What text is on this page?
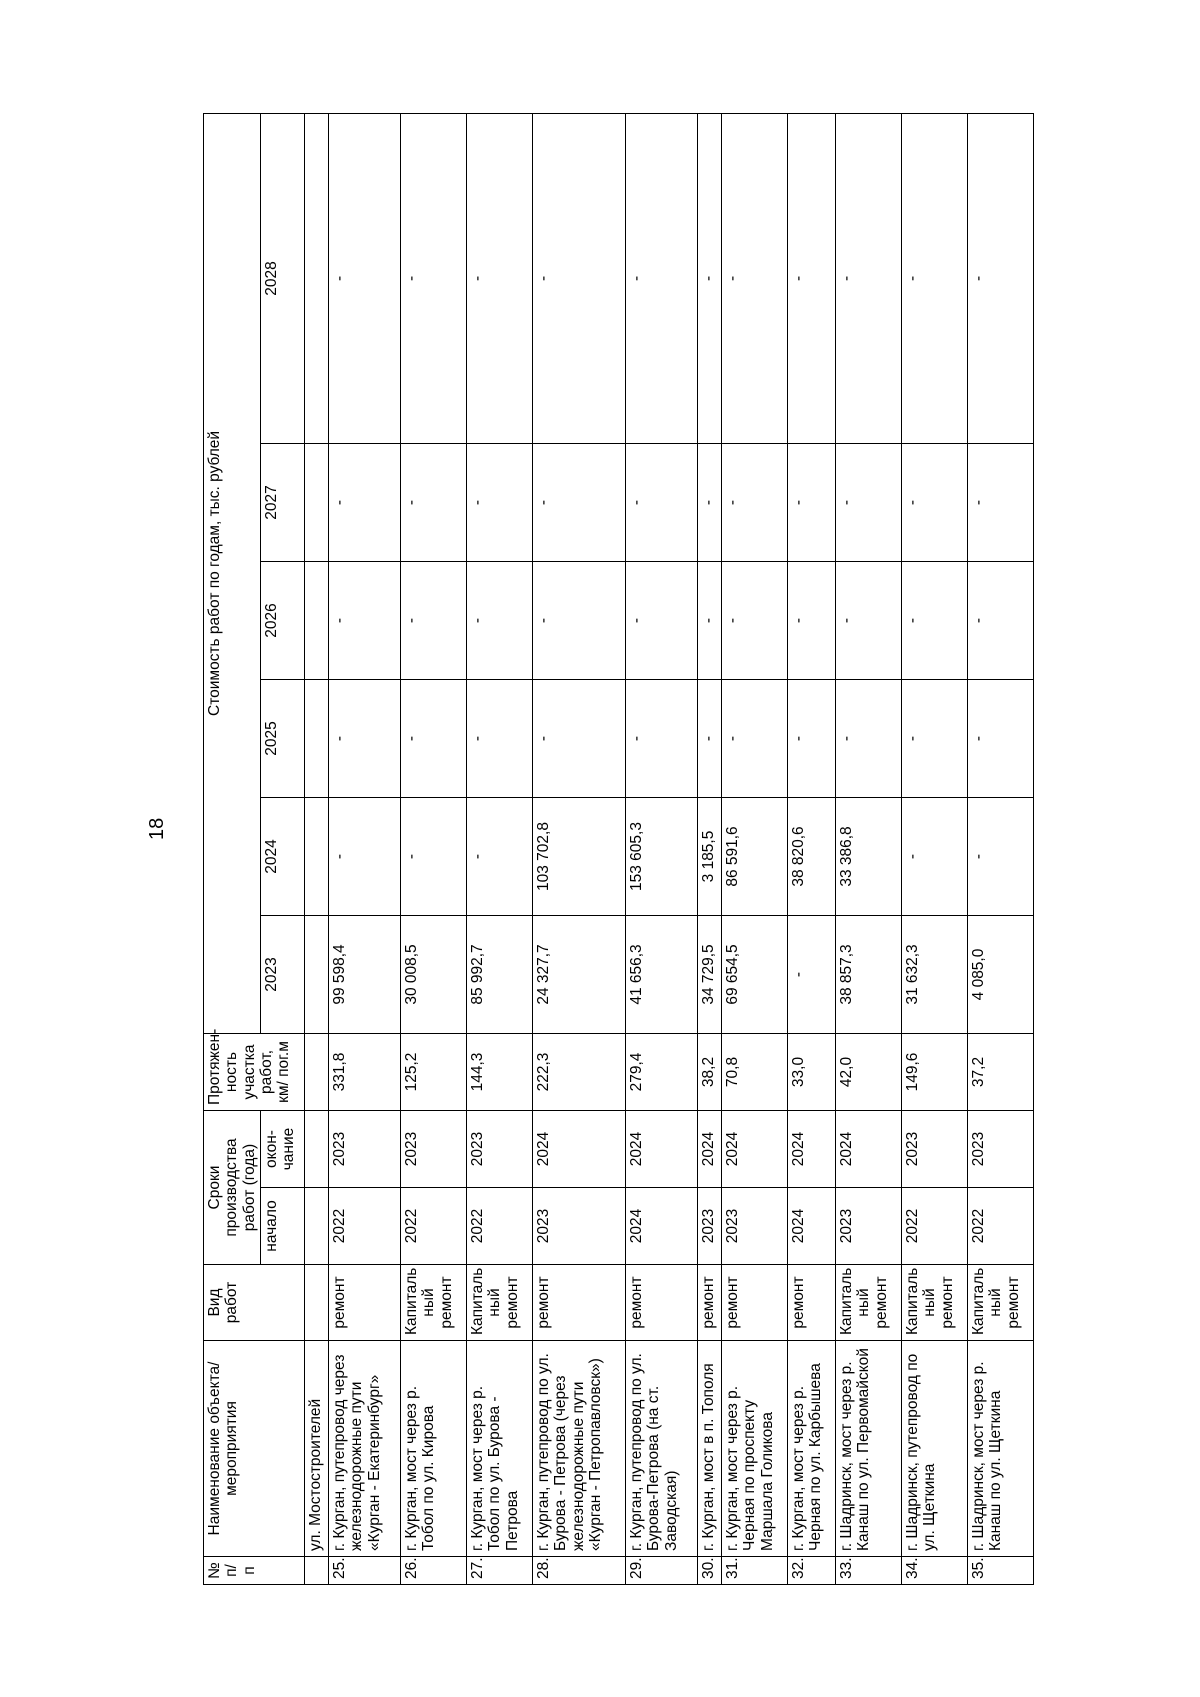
18
№ п/п	Наименование объекта/ мероприятия	Вид работ	Сроки производства работ (года)		Протяжен-ность участка работ, км/ пог.м	Стоимость работ по годам, тыс. рублей					
			начало	окон-чание		2023	2024	2025	2026	2027	2028
	ул. Мостостроителей										
25.	г. Курган, путепровод через железнодорожные пути «Курган - Екатеринбург»	ремонт	2022	2023	331,8	99 598,4	-	-	-	-	-
26.	г. Курган, мост через р. Тобол по ул. Кирова	Капиталь ный ремонт	2022	2023	125,2	30 008,5	-	-	-	-	-
27.	г. Курган, мост через р. Тобол по ул. Бурова - Петрова	Капиталь ный ремонт	2022	2023	144,3	85 992,7	-	-	-	-	-
28.	г. Курган, путепровод по ул. Бурова - Петрова (через железнодорожные пути «Курган - Петропавловск»)	ремонт	2023	2024	222,3	24 327,7	103 702,8	-	-	-	-
29.	г. Курган, путепровод по ул. Бурова-Петрова (на ст. Заводская)	ремонт	2024	2024	279,4	41 656,3	153 605,3	-	-	-	-
30.	г. Курган, мост в п. Тополя	ремонт	2023	2024	38,2	34 729,5	3 185,5	-	-	-	-
31.	г. Курган, мост через р. Черная по проспекту Маршала Голикова	ремонт	2023	2024	70,8	69 654,5	86 591,6	-	-	-	-
32.	г. Курган, мост через р. Черная по ул. Карбышева	ремонт	2024	2024	33,0	-	38 820,6	-	-	-	-
33.	г. Шадринск, мост через р. Канаш по ул. Первомайской	Капиталь ный ремонт	2023	2024	42,0	38 857,3	33 386,8	-	-	-	-
34.	г. Шадринск, путепровод по ул. Щеткина	Капиталь ный ремонт	2022	2023	149,6	31 632,3	-	-	-	-	-
35.	г. Шадринск, мост через р. Канаш по ул. Щеткина	Капиталь ный ремонт	2022	2023	37,2	4 085,0	-	-	-	-	-
